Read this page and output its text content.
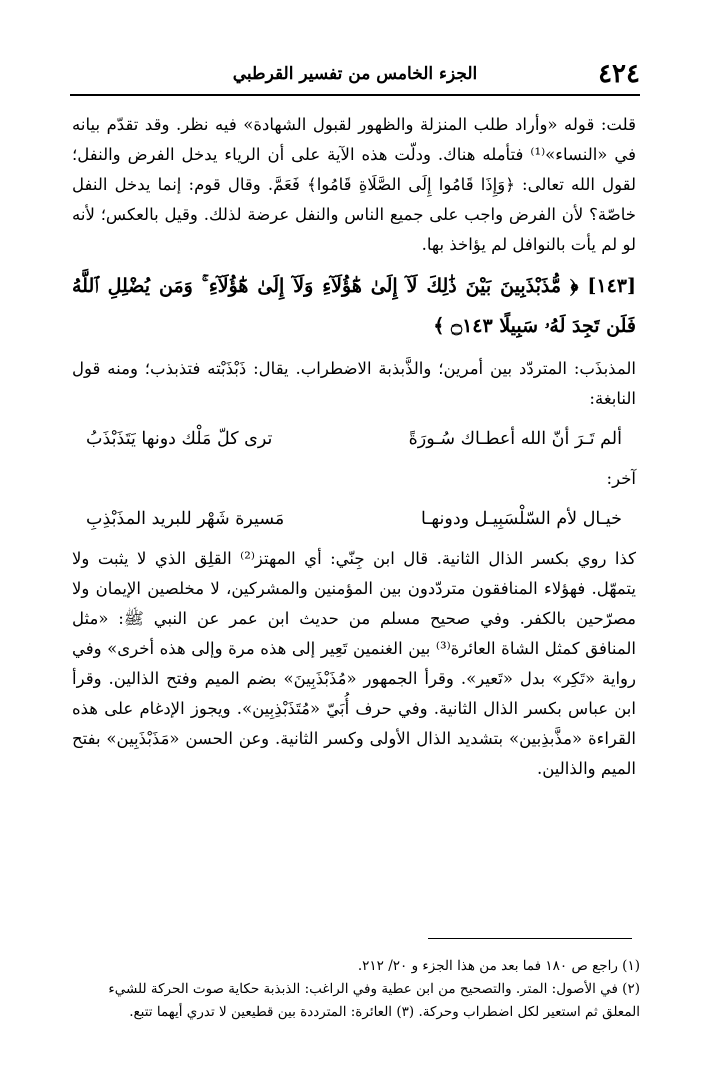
٤٢٤
الجزء الخامس من تفسير القرطبي

قلت: قوله «وأراد طلب المنزلة والظهور لقبول الشهادة» فيه نظر. وقد تقدّم بيانه في «النساء»⁽¹⁾ فتأمله هناك. ودلّت هذه الآية على أن الرياء يدخل الفرض والنفل؛ لقول الله تعالى: ﴿وَإِذَا قَامُوا إِلَى الصَّلَاةِ قَامُوا﴾ فَعَمَّ. وقال قوم: إنما يدخل النفل خاصّة؟ لأن الفرض واجب على جميع الناس والنفل عرضة لذلك. وقيل بالعكس؛ لأنه لو لم يأت بالنوافل لم يؤاخذ بها.

[١٤٣] ﴿ مُّذَبْذَبِينَ بَيْنَ ذَٰلِكَ لَآ إِلَىٰ هَٰٓؤُلَآءِ وَلَآ إِلَىٰ هَٰٓؤُلَآءِ ۚ وَمَن يُضْلِلِ ٱللَّهُ فَلَن تَجِدَ لَهُۥ سَبِيلًا ۝١٤٣ ﴾

المذبذَب: المتردّد بين أمرين؛ والذَّبذبة الاضطراب. يقال: ذَبْذَبْته فتذبذب؛ ومنه قول النابغة:

ألم تَـرَ أنّ الله أعطـاك سُـورَةً
ترى كلّ مَلْك دونها يَتَذَبْذَبُ

آخر:

خيـال لأم السّلْسَبِيـل ودونهـا
مَسيرة شَهْر للبريد المذَبْذِبِ

كذا روي بكسر الذال الثانية. قال ابن جِنّي: أي المهتز⁽²⁾ القلِق الذي لا يثبت ولا يتمهّل. فهؤلاء المنافقون متردّدون بين المؤمنين والمشركين، لا مخلصين الإيمان ولا مصرّحين بالكفر. وفي صحيح مسلم من حديث ابن عمر عن النبي ﷺ: «مثل المنافق كمثل الشاة العائرة⁽³⁾ بين الغنمين تَعِير إلى هذه مرة وإلى هذه أخرى» وفي رواية «تَكِر» بدل «تَعير». وقرأ الجمهور «مُذَبْذَبِينَ» بضم الميم وفتح الذالين. وقرأ ابن عباس بكسر الذال الثانية. وفي حرف أُبَيّ «مُتَذَبْذِبِين». ويجوز الإدغام على هذه القراءة «مذَّبذِبين» بتشديد الذال الأولى وكسر الثانية. وعن الحسن «مَذَبْذَبِين» بفتح الميم والذالين.

(١) راجع ص ١٨٠ فما بعد من هذا الجزء و ٢٠/ ٢١٢.

(٢) في الأصول: المتر. والتصحيح من ابن عطية وفي الراغب: الذبذبة حكاية صوت الحركة للشيء

المعلق ثم استعير لكل اضطراب وحركة. (٣) العائرة: المترددة بين قطيعين لا تدري أيهما تتبع.
